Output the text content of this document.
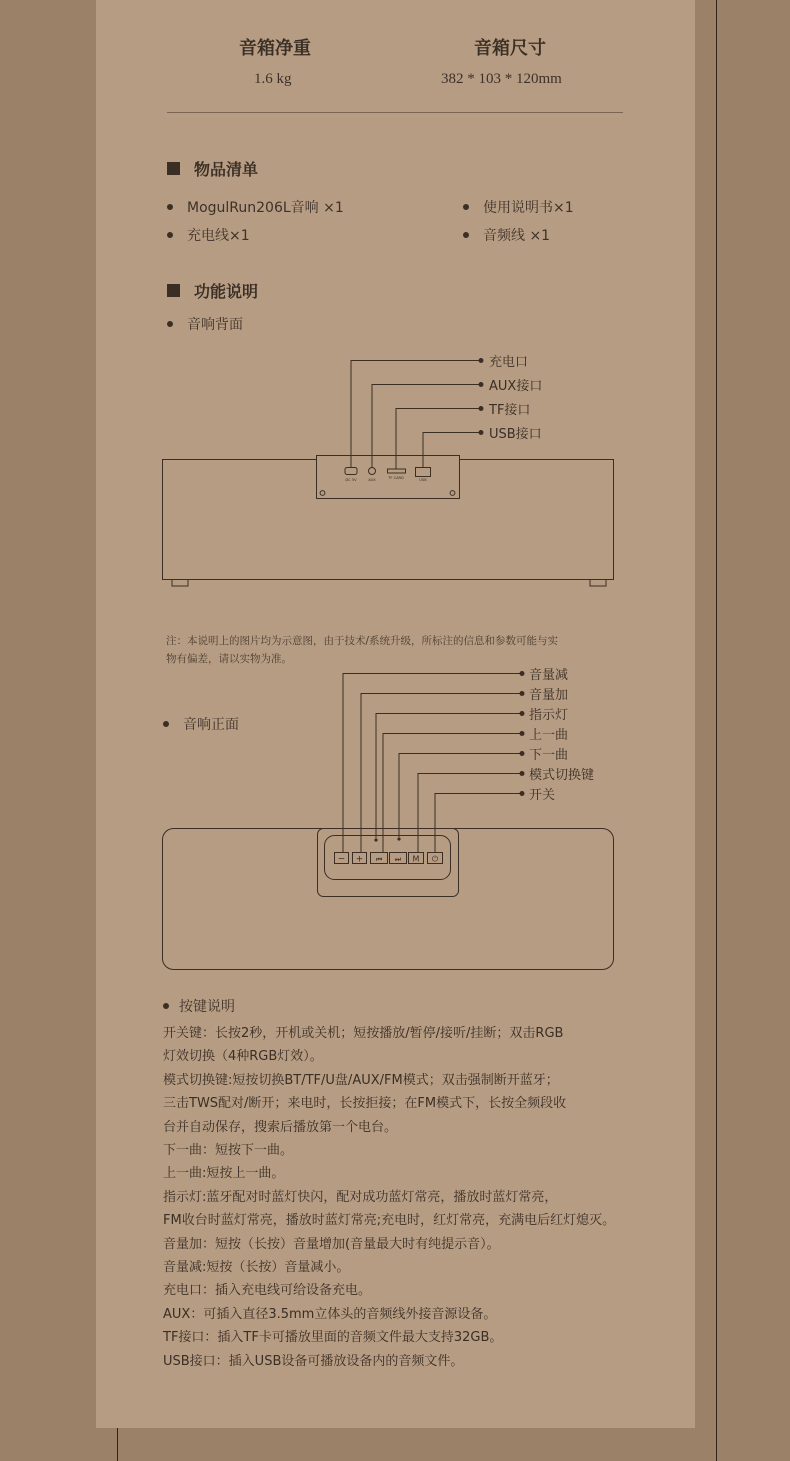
音箱净重
1.6 kg
音箱尺寸
382 * 103 * 120mm
物品清单
MogulRun206L音响 ×1	使用说明书×1
充电线×1	音频线 ×1
功能说明
音响背面
DC 5V	AUX	TF CARD	USB
− + ⏮ ⏭ M ⏻
充电口
AUX接口
TF接口
USB接口
注：本说明上的图片均为示意图，由于技术/系统升级，所标注的信息和参数可能与实
物有偏差，请以实物为准。
音响正面
音量减
音量加
指示灯
上一曲
下一曲
模式切换键
开关
按键说明
开关键：长按2秒，开机或关机；短按播放/暂停/接听/挂断；双击RGB
灯效切换（4种RGB灯效）。
模式切换键:短按切换BT/TF/U盘/AUX/FM模式；双击强制断开蓝牙；
三击TWS配对/断开；来电时，长按拒接；在FM模式下，长按全频段收
台并自动保存，搜索后播放第一个电台。
下一曲：短按下一曲。
上一曲:短按上一曲。
指示灯:蓝牙配对时蓝灯快闪，配对成功蓝灯常亮，播放时蓝灯常亮，
FM收台时蓝灯常亮，播放时蓝灯常亮;充电时，红灯常亮，充满电后红灯熄灭。
音量加：短按（长按）音量增加(音量最大时有纯提示音）。
音量减:短按（长按）音量减小。
充电口：插入充电线可给设备充电。
AUX：可插入直径3.5mm立体头的音频线外接音源设备。
TF接口：插入TF卡可播放里面的音频文件最大支持32GB。
USB接口：插入USB设备可播放设备内的音频文件。
